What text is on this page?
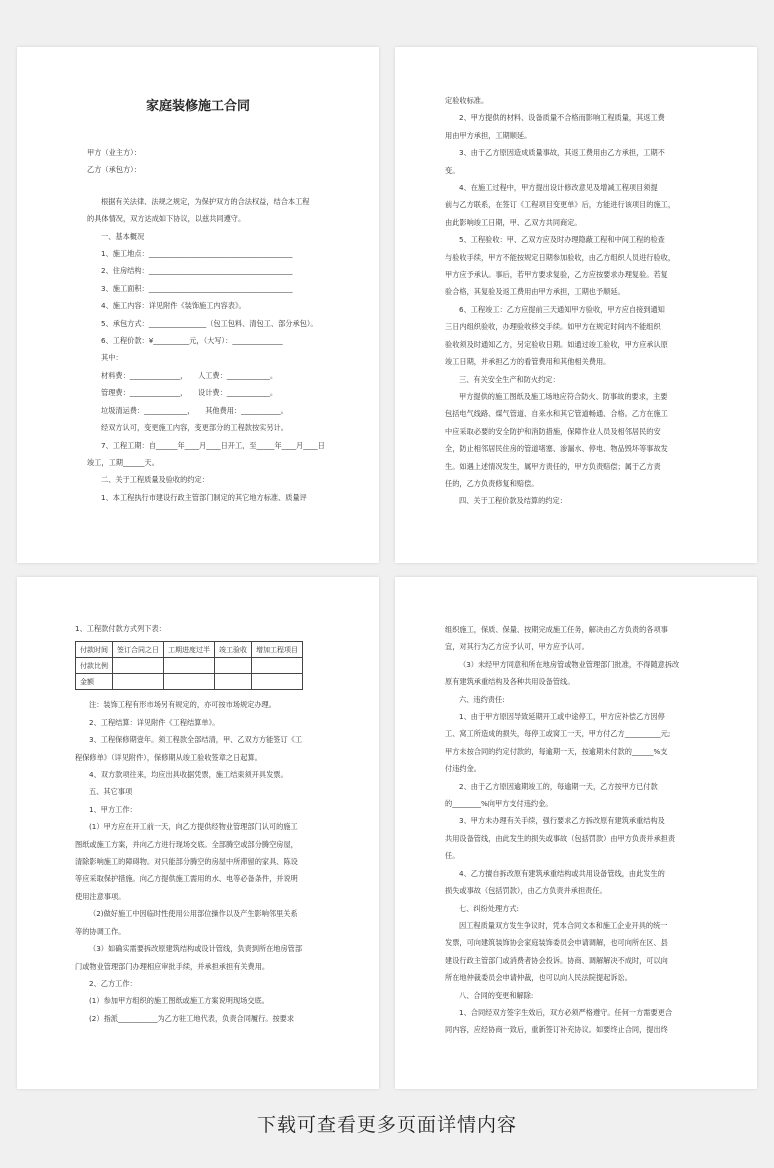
家庭装修施工合同
甲方（业主方）：
乙方（承包方）：
根据有关法律、法规之规定，为保护双方的合法权益，结合本工程
的具体情况，双方达成如下协议，以兹共同遵守。
一、基本概况
1、施工地点：________________________________________
2、住房结构：________________________________________
3、施工面积：________________________________________
4、施工内容：详见附件《装饰施工内容表》。
5、承包方式：________________（包工包料、清包工、部分承包）。
6、工程价款：¥__________元，（大写）：______________
其中：
材料费：______________，　　人工费：____________。
管理费：______________，　　设计费：____________。
垃圾清运费：____________，　　其他费用：___________。
经双方认可，变更施工内容，变更部分的工程款按实另计。
7、工程工期：自______年____月____日开工，至_____年____月____日
竣工，工期______天。
二、关于工程质量及验收的约定：
1、本工程执行市建设行政主管部门制定的其它地方标准、质量评
定验收标准。
2、甲方提供的材料、设备质量不合格而影响工程质量，其返工费
用由甲方承担，工期顺延。
3、由于乙方原因造成质量事故，其返工费用由乙方承担，工期不
变。
4、在施工过程中，甲方提出设计修改意见及增减工程项目须提
前与乙方联系，在签订《工程项目变更单》后，方能进行该项目的施工，
由此影响竣工日期，甲、乙双方共同商定。
5、工程验收：甲、乙双方应及时办理隐蔽工程和中间工程的检查
与验收手续，甲方不能按规定日期参加验收，由乙方组织人员进行验收，
甲方应予承认。事后，若甲方要求复验，乙方应按要求办理复验。若复
验合格，其复验及返工费用由甲方承担，工期也予顺延。
6、工程竣工：乙方应提前三天通知甲方验收，甲方应自接到通知
三日内组织验收，办理验收移交手续。如甲方在规定时间内不能组织
验收须及时通知乙方，另定验收日期。如通过竣工验收，甲方应承认原
竣工日期，并承担乙方的看管费用和其他相关费用。
三、有关安全生产和防火约定：
甲方提供的施工图纸及施工场地应符合防火、防事故的要求，主要
包括电气线路、煤气管道、自来水和其它管道畅通、合格。乙方在施工
中应采取必要的安全防护和消防措施，保障作业人员及相邻居民的安
全，防止相邻居民住房的管道堵塞、渗漏水、停电、物品毁坏等事故发
生。如遇上述情况发生，属甲方责任的，甲方负责赔偿；属于乙方责
任的，乙方负责修复和赔偿。
四、关于工程价款及结算的约定：
1、工程款付款方式列下表：
付款时间	签订合同之日	工期进度过半	竣工验收	增加工程项目
付款比例				
金额				
注：装饰工程有形市场另有规定的，亦可按市场规定办理。
2、工程结算：详见附件《工程结算单》。
3、工程保修期壹年。须工程款全部结清，甲、乙双方方能签订《工
程保修单》（详见附件），保修期从竣工验收签章之日起算。
4、双方款项往来，均应出具收据凭票，施工结束须开具发票。
五、其它事项
1、甲方工作：
(1）甲方应在开工前一天，向乙方提供经物业管理部门认可的施工
图纸或施工方案，并向乙方进行现场交底。全部腾空或部分腾空房屋，
清除影响施工的障碍物。对只能部分腾空的房屋中所滞留的家具、陈设
等应采取保护措施。向乙方提供施工需用的水、电等必备条件，并说明
使用注意事项。
（2)做好施工中因临时性使用公用部位操作以及产生影响邻里关系
等的协调工作。
（3）如确实需要拆改原建筑结构或设计管线，负责到所在地房管部
门或物业管理部门办理相应审批手续，并承担承担有关费用。
2、乙方工作：
(1）参加甲方组织的施工图纸或施工方案说明现场交底。
(2）指派___________为乙方驻工地代表，负责合同履行。按要求
组织施工，保质、保量、按期完成施工任务，解决由乙方负责的各项事
宜，对其行为乙方应予认可，甲方应予认可。
（3）未经甲方同意和所在地房管或物业管理部门批准，不得随意拆改
原有建筑承重结构及各种共用设备管线。
六、违约责任:
1、由于甲方原因导致延期开工或中途停工，甲方应补偿乙方因停
工、窝工所造成的损失，每停工或窝工一天，甲方付乙方__________元;
甲方未按合同的约定付款的，每逾期一天，按逾期未付款的______%支
付违约金。
2、由于乙方原因逾期竣工的，每逾期一天，乙方按甲方已付款
的________%向甲方支付违约金。
3、甲方未办理有关手续，强行要求乙方拆改原有建筑承重结构及
共用设备管线，由此发生的损失或事故（包括罚款）由甲方负责并承担责
任。
4、乙方擅自拆改原有建筑承重结构或共用设备管线，由此发生的
损失或事故（包括罚款），由乙方负责并承担责任。
七、纠纷处理方式:
因工程质量双方发生争议时，凭本合同文本和施工企业开具的统一
发票，可向建筑装饰协会家庭装饰委员会申请调解，也可向所在区、县
建设行政主管部门或消费者协会投诉。协商、调解解决不成时，可以向
所在地仲裁委员会申请仲裁，也可以向人民法院提起诉讼。
八、合同的变更和解除:
1、合同经双方签字生效后，双方必须严格遵守。任何一方需要更合
同内容，应经协商一致后，重新签订补充协议。如要终止合同，提出终
下载可查看更多页面详情内容
